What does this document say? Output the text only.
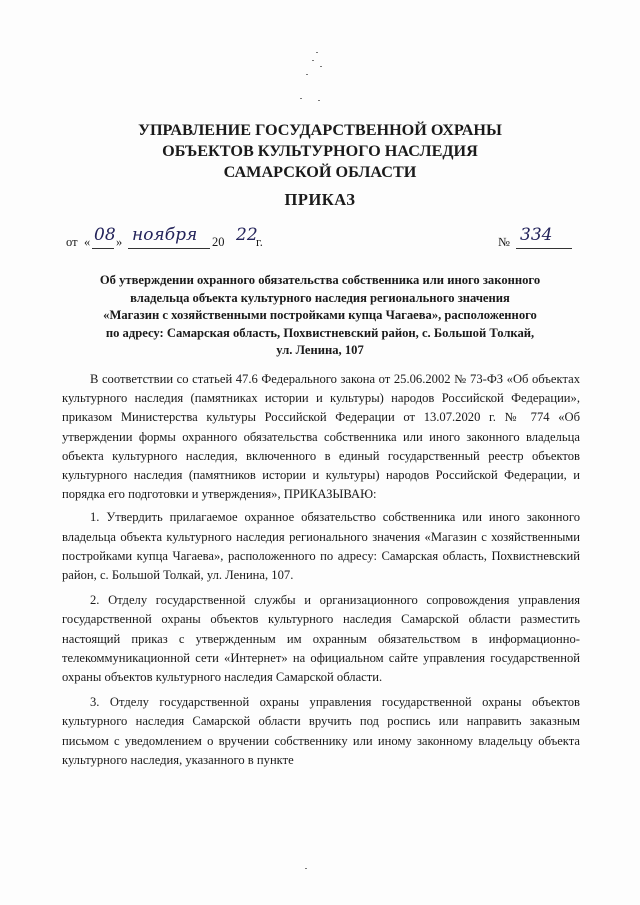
УПРАВЛЕНИЕ ГОСУДАРСТВЕННОЙ ОХРАНЫ
ОБЪЕКТОВ КУЛЬТУРНОГО НАСЛЕДИЯ
САМАРСКОЙ ОБЛАСТИ
ПРИКАЗ
от « 08 » ноября 20 22
г.	№ 334
Об утверждении охранного обязательства собственника или иного законного
владельца объекта культурного наследия регионального значения
«Магазин с хозяйственными постройками купца Чагаева», расположенного
по адресу: Самарская область, Похвистневский район, с. Большой Толкай,
ул. Ленина, 107

В соответствии со статьей 47.6 Федерального закона от 25.06.2002 № 73-ФЗ «Об объектах культурного наследия (памятниках истории и культуры) народов Российской Федерации», приказом Министерства культуры Российской Федерации от 13.07.2020 г. № 774 «Об утверждении формы охранного обязательства собственника или иного законного владельца объекта культурного наследия, включенного в единый государственный реестр объектов культурного наследия (памятников истории и культуры) народов Российской Федерации, и порядка его подготовки и утверждения», ПРИКАЗЫВАЮ:

1. Утвердить прилагаемое охранное обязательство собственника или иного законного владельца объекта культурного наследия регионального значения «Магазин с хозяйственными постройками купца Чагаева», расположенного по адресу: Самарская область, Похвистневский район, с. Большой Толкай, ул. Ленина, 107.

2. Отделу государственной службы и организационного сопровождения управления государственной охраны объектов культурного наследия Самарской области разместить настоящий приказ с утвержденным им охранным обязательством в информационно-телекоммуникационной сети «Интернет» на официальном сайте управления государственной охраны объектов культурного наследия Самарской области.

3. Отделу государственной охраны управления государственной охраны объектов культурного наследия Самарской области вручить под роспись или направить заказным письмом с уведомлением о вручении собственнику или иному законному владельцу объекта культурного наследия, указанного в пункте
